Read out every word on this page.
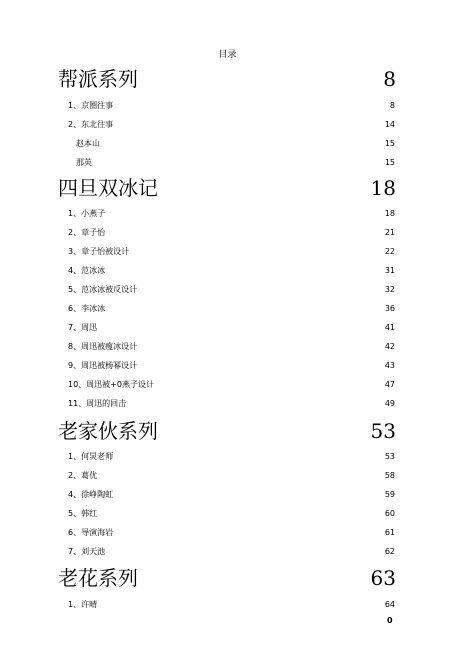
目录
帮派系列	8
1、京圈往事	8
2、东北往事	14
赵本山	15
那英	15
四旦双冰记	18
1、小燕子	18
2、章子怡	21
3、章子怡被设计	22
4、范冰冰	31
5、范冰冰被反设计	32
6、李冰冰	36
7、周迅	41
8、周迅被瘦冰设计	42
9、周迅被杨幂设计	43
10、周迅被+0燕子设计	47
11、周迅的回击	49
老家伙系列	53
1、何炅老师	53
2、葛优	58
4、徐峥陶虹	59
5、韩红	60
6、导演海岩	61
7、刘天池	62
老花系列	63
1、许晴	64
0
